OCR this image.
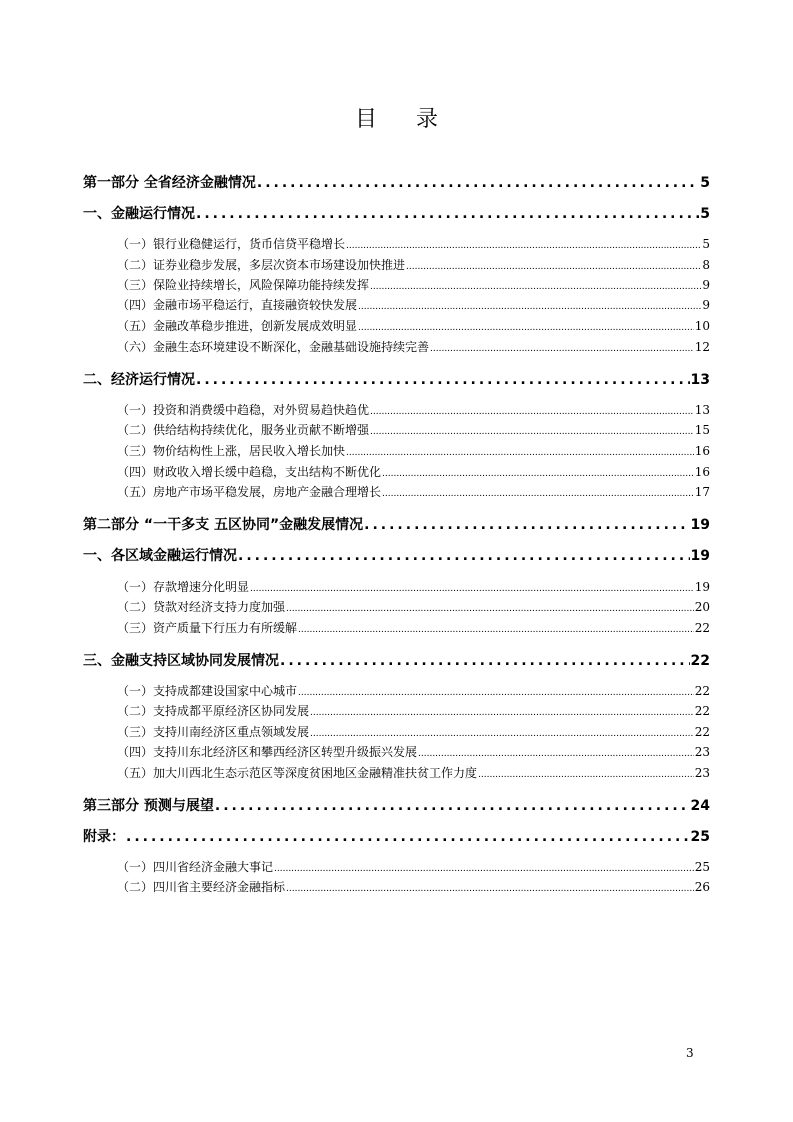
目 录
第一部分 全省经济金融情况 .....	5
一、金融运行情况 .....	5
（一）银行业稳健运行，货币信贷平稳增长 .....	5
（二）证券业稳步发展，多层次资本市场建设加快推进 .....	8
（三）保险业持续增长，风险保障功能持续发挥 .....	9
（四）金融市场平稳运行，直接融资较快发展 .....	9
（五）金融改革稳步推进，创新发展成效明显 .....	10
（六）金融生态环境建设不断深化，金融基础设施持续完善 .....	12
二、经济运行情况 .....	13
（一）投资和消费缓中趋稳，对外贸易趋快趋优 .....	13
（二）供给结构持续优化，服务业贡献不断增强 .....	15
（三）物价结构性上涨，居民收入增长加快 .....	16
（四）财政收入增长缓中趋稳，支出结构不断优化 .....	16
（五）房地产市场平稳发展，房地产金融合理增长 .....	17
第二部分 “一干多支 五区协同”金融发展情况 .....	19
一、各区域金融运行情况 .....	19
（一）存款增速分化明显 .....	19
（二）贷款对经济支持力度加强 .....	20
（三）资产质量下行压力有所缓解 .....	22
三、金融支持区域协同发展情况 .....	22
（一）支持成都建设国家中心城市 .....	22
（二）支持成都平原经济区协同发展 .....	22
（三）支持川南经济区重点领域发展 .....	22
（四）支持川东北经济区和攀西经济区转型升级振兴发展 .....	23
（五）加大川西北生态示范区等深度贫困地区金融精准扶贫工作力度 .....	23
第三部分 预测与展望 .....	24
附录： .....	25
（一）四川省经济金融大事记 .....	25
（二）四川省主要经济金融指标 .....	26
3
